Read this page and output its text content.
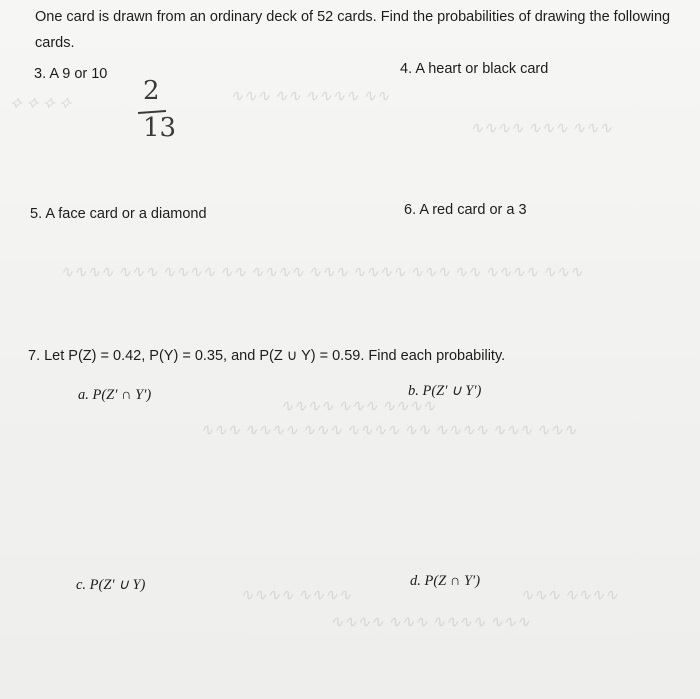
⟡ ⟡ ⟡ ⟡	∿∿∿ ∿∿ ∿∿∿∿ ∿∿
∿∿∿∿ ∿∿∿ ∿∿∿
∿∿∿∿ ∿∿∿ ∿∿∿∿ ∿∿ ∿∿∿∿ ∿∿∿ ∿∿∿∿ ∿∿∿ ∿∿ ∿∿∿∿ ∿∿∿
∿∿∿∿ ∿∿∿ ∿∿∿∿
∿∿∿ ∿∿∿∿ ∿∿∿ ∿∿∿∿ ∿∿ ∿∿∿∿ ∿∿∿ ∿∿∿
∿∿∿∿ ∿∿∿∿	∿∿∿ ∿∿∿∿
∿∿∿∿ ∿∿∿ ∿∿∿∿ ∿∿∿
One card is drawn from an ordinary deck of 52 cards. Find the probabilities of drawing the following cards.
3. A 9 or 10	4. A heart or black card
2
13
5. A face card or a diamond	6. A red card or a 3
7. Let P(Z) = 0.42, P(Y) = 0.35, and P(Z ∪ Y) = 0.59. Find each probability.
a. P(Z′ ∩ Y′)	b. P(Z′ ∪ Y′)
c. P(Z′ ∪ Y)	d. P(Z ∩ Y′)
